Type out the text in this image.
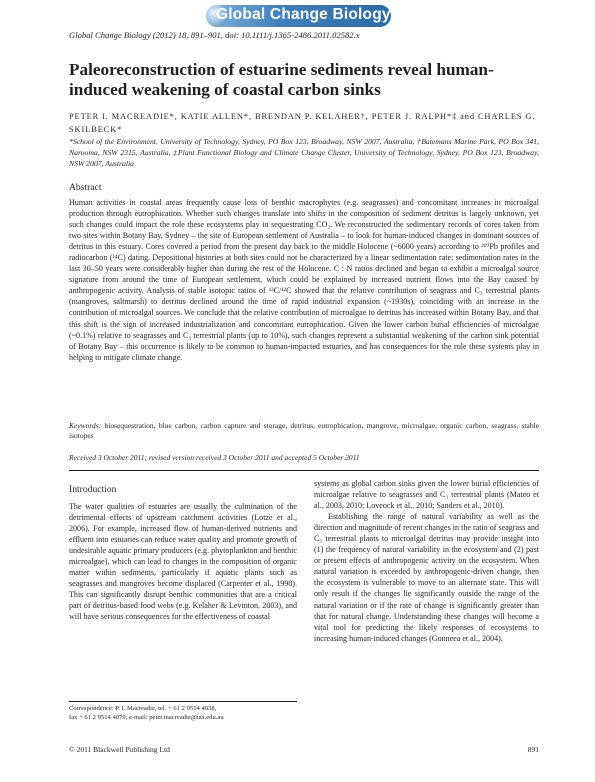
Global Change Biology
Global Change Biology (2012) 18, 891–901, doi: 10.1111/j.1365-2486.2011.02582.x
Paleoreconstruction of estuarine sediments reveal human-induced weakening of coastal carbon sinks
PETER I. MACREADIE*, KATIE ALLEN*, BRENDAN P. KELAHER†, PETER J. RALPH*‡ and CHARLES G. SKILBECK*
*School of the Environment, University of Technology, Sydney, PO Box 123, Broadway, NSW 2007, Australia, †Batemans Marine Park, PO Box 341, Narooma, NSW 2315, Australia, ‡Plant Functional Biology and Climate Change Cluster, University of Technology, Sydney, PO Box 123, Broadway, NSW 2007, Australia
Abstract

Human activities in coastal areas frequently cause loss of benthic macrophytes (e.g. seagrasses) and concomitant increases in microalgal production through eutrophication. Whether such changes translate into shifts in the composition of sediment detritus is largely unknown, yet such changes could impact the role these ecosystems play in sequestrating CO₂. We reconstructed the sedimentary records of cores taken from two sites within Botany Bay, Sydney – the site of European settlement of Australia – to look for human-induced changes in dominant sources of detritus in this estuary. Cores covered a period from the present day back to the middle Holocene (~6000 years) according to ²¹⁰Pb profiles and radiocarbon (¹⁴C) dating. Depositional histories at both sites could not be characterized by a linear sedimentation rate; sedimentation rates in the last 30–50 years were considerably higher than during the rest of the Holocene. C : N ratios declined and began to exhibit a microalgal source signature from around the time of European settlement, which could be explained by increased nutrient flows into the Bay caused by anthropogenic activity. Analysis of stable isotopic ratios of ¹³C/¹²C showed that the relative contribution of seagrass and C₃ terrestrial plants (mangroves, saltmarsh) to detritus declined around the time of rapid industrial expansion (~1930s), coinciding with an increase in the contribution of microalgal sources. We conclude that the relative contribution of microalgae to detritus has increased within Botany Bay, and that this shift is the sign of increased industrialization and concomitant eutrophication. Given the lower carbon burial efficiencies of microalgae (~0.1%) relative to seagrasses and C₃ terrestrial plants (up to 10%), such changes represent a substantial weakening of the carbon sink potential of Botany Bay – this occurrence is likely to be common to human-impacted estuaries, and has consequences for the role these systems play in helping to mitigate climate change.

Keywords: biosequestration, blue carbon, carbon capture and storage, detritus, eutrophication, mangrove, microalgae, organic carbon, seagrass, stable isotopes

Received 3 October 2011; revised version received 3 October 2011 and accepted 5 October 2011
Introduction

The water qualities of estuaries are usually the culmination of the detrimental effects of upstream catchment activities (Lotze et al., 2006). For example, increased flow of human-derived nutrients and effluent into estuaries can reduce water quality and promote growth of undesirable aquatic primary producers (e.g. phytoplankton and benthic microalgae), which can lead to changes in the composition of organic matter within sediments, particularly if aquatic plants such as seagrasses and mangroves become displaced (Carpenter et al., 1998). This can significantly disrupt benthic communities that are a critical part of detritus-based food webs (e.g. Kelaher & Levinton, 2003), and will have serious consequences for the effectiveness of coastal

systems as global carbon sinks given the lower burial efficiencies of microalgae relative to seagrasses and C₃ terrestrial plants (Mateo et al., 2003, 2010; Loveock et al., 2010; Sanders et al., 2010).
Establishing the range of natural variability as well as the direction and magnitude of recent changes in the ratio of seagrass and C₃ terrestrial plants to microalgal detritus may provide insight into (1) the frequency of natural variability in the ecosystem and (2) past or present effects of anthropogenic activity on the ecosystem. When natural variation is exceeded by anthropogenic-driven change, then the ecosystem is vulnerable to move to an alternate state. This will only result if the changes lie significantly outside the range of the natural variation or if the rate of change is significantly greater than that for natural change. Understanding these changes will become a vital tool for predicting the likely responses of ecosystems to increasing human-induced changes (Gonneea et al., 2004).
Correspondence: P. I. Macreadie, tel. + 61 2 9514 4038,
fax + 61 2 9514 4079, e-mail: peter.macreadie@uts.edu.au
© 2011 Blackwell Publishing Ltd	891
